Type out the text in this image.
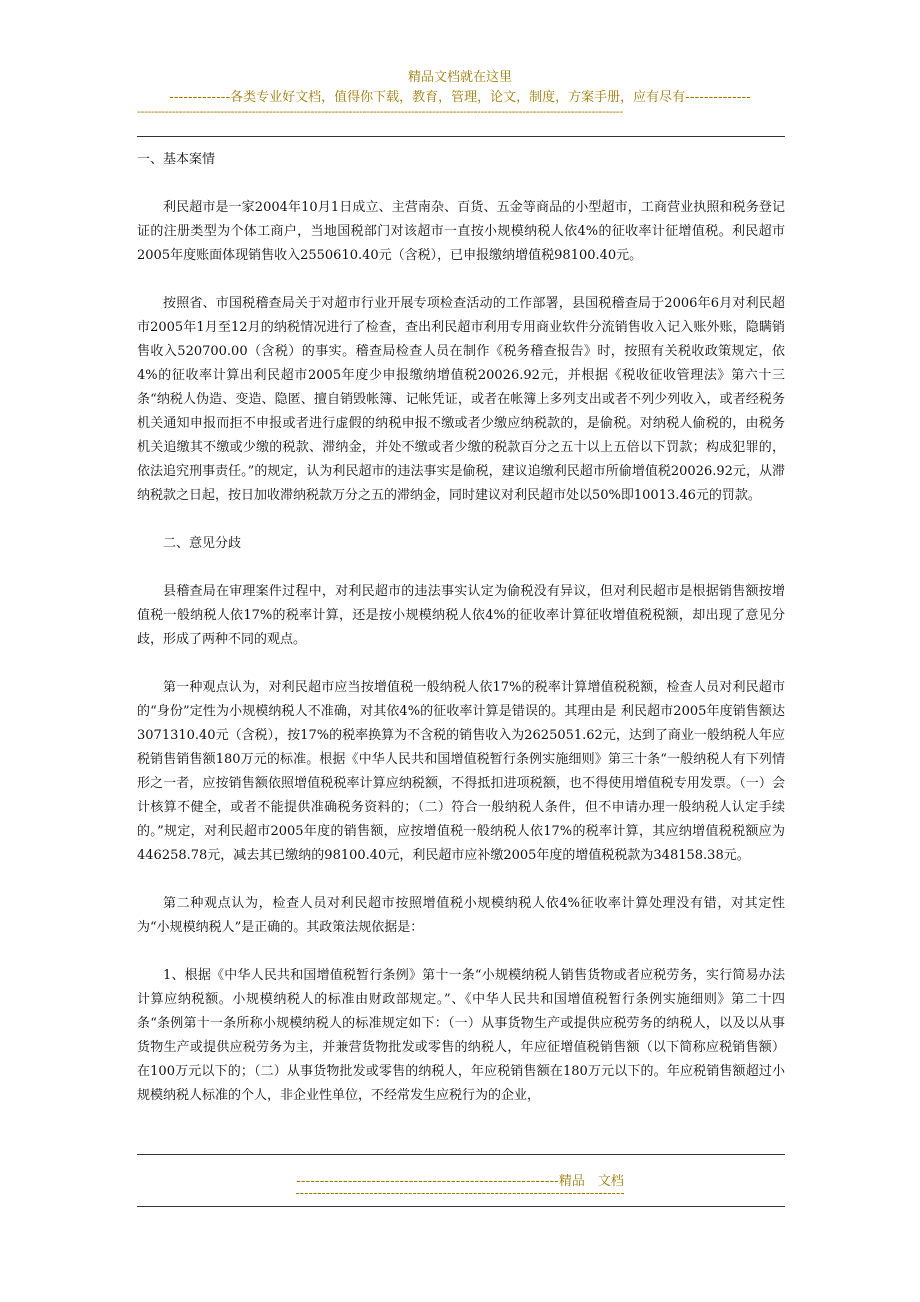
精品文档就在这里
-------------各类专业好文档，值得你下载，教育，管理，论文，制度，方案手册，应有尽有--------------
--------------------------------------------------------------------------------------------------------------------------------------------
一、基本案情

利民超市是一家2004年10月1日成立、主营南杂、百货、五金等商品的小型超市，工商营业执照和税务登记证的注册类型为个体工商户，当地国税部门对该超市一直按小规模纳税人依4%的征收率计征增值税。利民超市2005年度账面体现销售收入2550610.40元（含税），已申报缴纳增值税98100.40元。

按照省、市国税稽查局关于对超市行业开展专项检查活动的工作部署，县国税稽查局于2006年6月对利民超市2005年1月至12月的纳税情况进行了检查，查出利民超市利用专用商业软件分流销售收入记入账外账，隐瞒销售收入520700.00（含税）的事实。稽查局检查人员在制作《税务稽查报告》时，按照有关税收政策规定，依4%的征收率计算出利民超市2005年度少申报缴纳增值税20026.92元，并根据《税收征收管理法》第六十三条“纳税人伪造、变造、隐匿、擅自销毁帐簿、记帐凭证，或者在帐簿上多列支出或者不列少列收入，或者经税务机关通知申报而拒不申报或者进行虚假的纳税申报不缴或者少缴应纳税款的，是偷税。对纳税人偷税的，由税务机关追缴其不缴或少缴的税款、滞纳金，并处不缴或者少缴的税款百分之五十以上五倍以下罚款；构成犯罪的，依法追究刑事责任。”的规定，认为利民超市的违法事实是偷税，建议追缴利民超市所偷增值税20026.92元，从滞纳税款之日起，按日加收滞纳税款万分之五的滞纳金，同时建议对利民超市处以50%即10013.46元的罚款。

二、意见分歧

县稽查局在审理案件过程中，对利民超市的违法事实认定为偷税没有异议，但对利民超市是根据销售额按增值税一般纳税人依17%的税率计算，还是按小规模纳税人依4%的征收率计算征收增值税税额，却出现了意见分歧，形成了两种不同的观点。

第一种观点认为，对利民超市应当按增值税一般纳税人依17%的税率计算增值税税额，检查人员对利民超市的“身份”定性为小规模纳税人不准确，对其依4%的征收率计算是错误的。其理由是 利民超市2005年度销售额达3071310.40元（含税），按17%的税率换算为不含税的销售收入为2625051.62元，达到了商业一般纳税人年应税销售销售额180万元的标准。根据《中华人民共和国增值税暂行条例实施细则》第三十条“一般纳税人有下列情形之一者，应按销售额依照增值税税率计算应纳税额，不得抵扣进项税额，也不得使用增值税专用发票。（一）会计核算不健全，或者不能提供准确税务资料的；（二）符合一般纳税人条件，但不申请办理一般纳税人认定手续的。”规定，对利民超市2005年度的销售额，应按增值税一般纳税人依17%的税率计算，其应纳增值税税额应为446258.78元，减去其已缴纳的98100.40元，利民超市应补缴2005年度的增值税税款为348158.38元。

第二种观点认为，检查人员对利民超市按照增值税小规模纳税人依4%征收率计算处理没有错，对其定性为“小规模纳税人”是正确的。其政策法规依据是：

1、根据《中华人民共和国增值税暂行条例》第十一条“小规模纳税人销售货物或者应税劳务，实行简易办法计算应纳税额。小规模纳税人的标准由财政部规定。”、《中华人民共和国增值税暂行条例实施细则》第二十四条“条例第十一条所称小规模纳税人的标准规定如下：（一）从事货物生产或提供应税劳务的纳税人，以及以从事货物生产或提供应税劳务为主，并兼营货物批发或零售的纳税人，年应征增值税销售额（以下简称应税销售额）在100万元以下的；（二）从事货物批发或零售的纳税人，年应税销售额在180万元以下的。年应税销售额超过小规模纳税人标准的个人，非企业性单位，不经常发生应税行为的企业，

--------------------------------------------------------精品　文档
----------------------------------------------------------------------------
